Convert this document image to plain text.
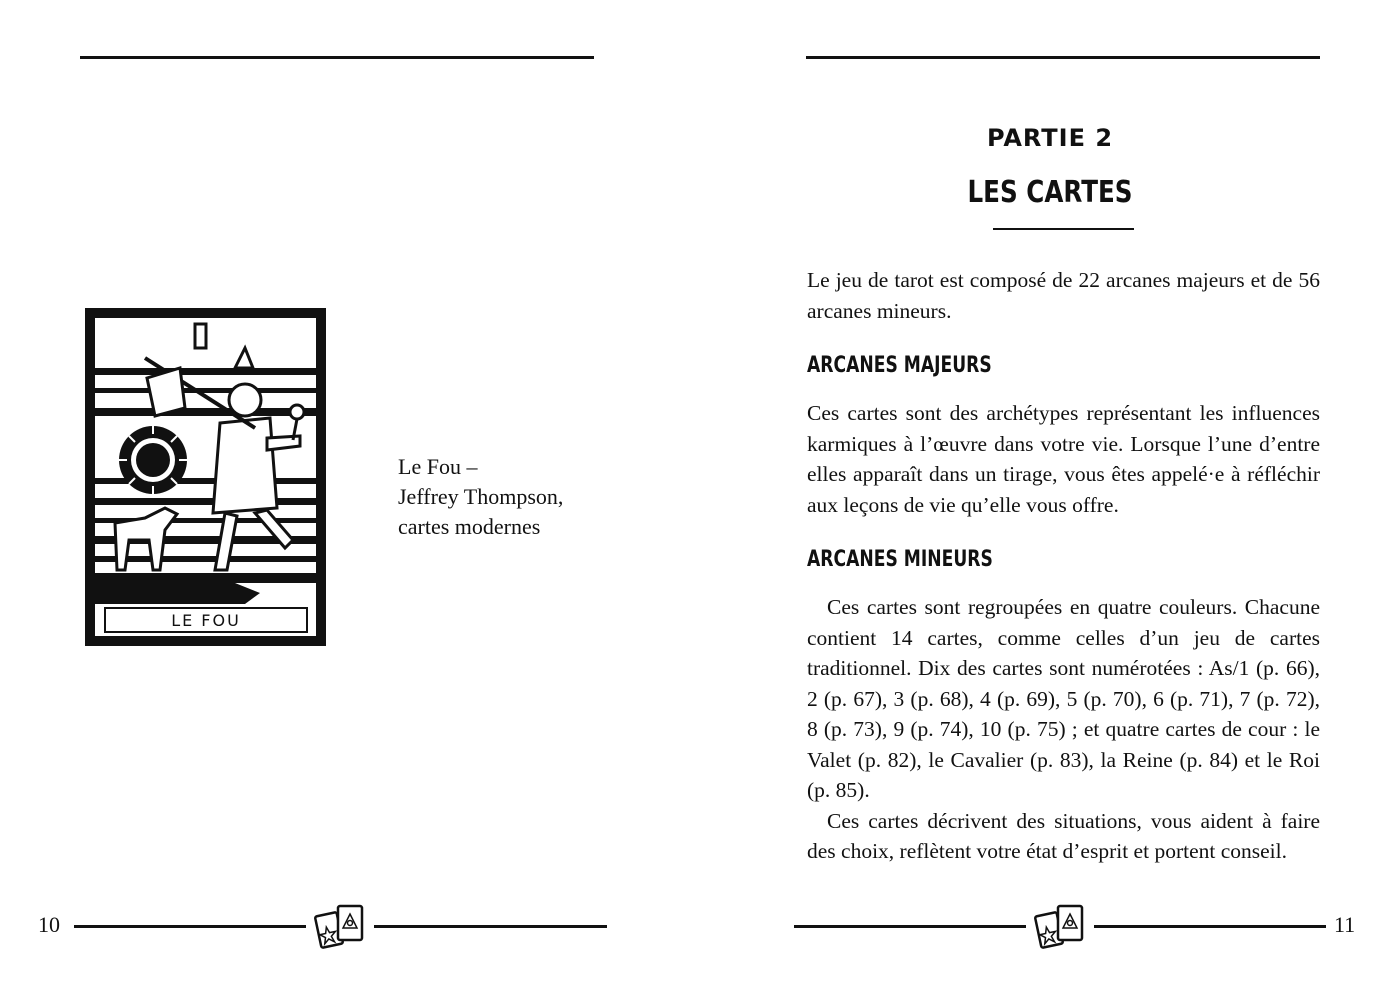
LE FOU
Le Fou –
Jeffrey Thompson,
cartes modernes
10
PARTIE 2
LES CARTES

Le jeu de tarot est composé de 22 arcanes majeurs et de 56 arcanes mineurs.

ARCANES MAJEURS

Ces cartes sont des archétypes représentant les influences karmiques à l’œuvre dans votre vie. Lorsque l’une d’entre elles apparaît dans un tirage, vous êtes appelé·e à réfléchir aux leçons de vie qu’elle vous offre.

ARCANES MINEURS

Ces cartes sont regroupées en quatre couleurs. Chacune contient 14 cartes, comme celles d’un jeu de cartes traditionnel. Dix des cartes sont numérotées : As/1 (p. 66), 2 (p. 67), 3 (p. 68), 4 (p. 69), 5 (p. 70), 6 (p. 71), 7 (p. 72), 8 (p. 73), 9 (p. 74), 10 (p. 75) ; et quatre cartes de cour : le Valet (p. 82), le Cavalier (p. 83), la Reine (p. 84) et le Roi (p. 85).

Ces cartes décrivent des situations, vous aident à faire des choix, reflètent votre état d’esprit et portent conseil.

11
